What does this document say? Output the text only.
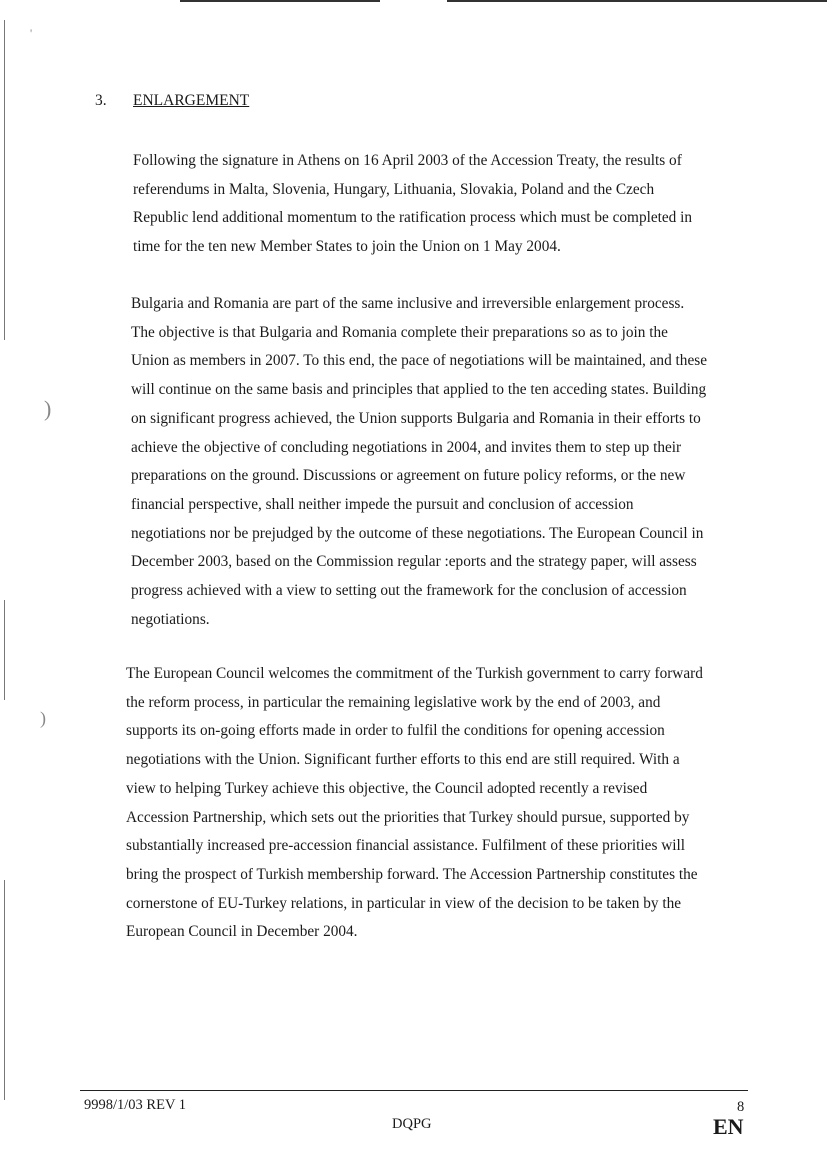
'
)
)
3. ENLARGEMENT
Following the signature in Athens on 16 April 2003 of the Accession Treaty, the results of
referendums in Malta, Slovenia, Hungary, Lithuania, Slovakia, Poland and the Czech
Republic lend additional momentum to the ratification process which must be completed in
time for the ten new Member States to join the Union on 1 May 2004.
Bulgaria and Romania are part of the same inclusive and irreversible enlargement process.
The objective is that Bulgaria and Romania complete their preparations so as to join the
Union as members in 2007. To this end, the pace of negotiations will be maintained, and these
will continue on the same basis and principles that applied to the ten acceding states. Building
on significant progress achieved, the Union supports Bulgaria and Romania in their efforts to
achieve the objective of concluding negotiations in 2004, and invites them to step up their
preparations on the ground. Discussions or agreement on future policy reforms, or the new
financial perspective, shall neither impede the pursuit and conclusion of accession
negotiations nor be prejudged by the outcome of these negotiations. The European Council in
December 2003, based on the Commission regular :eports and the strategy paper, will assess
progress achieved with a view to setting out the framework for the conclusion of accession
negotiations.
The European Council welcomes the commitment of the Turkish government to carry forward
the reform process, in particular the remaining legislative work by the end of 2003, and
supports its on-going efforts made in order to fulfil the conditions for opening accession
negotiations with the Union. Significant further efforts to this end are still required. With a
view to helping Turkey achieve this objective, the Council adopted recently a revised
Accession Partnership, which sets out the priorities that Turkey should pursue, supported by
substantially increased pre-accession financial assistance. Fulfilment of these priorities will
bring the prospect of Turkish membership forward. The Accession Partnership constitutes the
cornerstone of EU-Turkey relations, in particular in view of the decision to be taken by the
European Council in December 2004.
9998/1/03 REV 1
DQPG
8
EN
